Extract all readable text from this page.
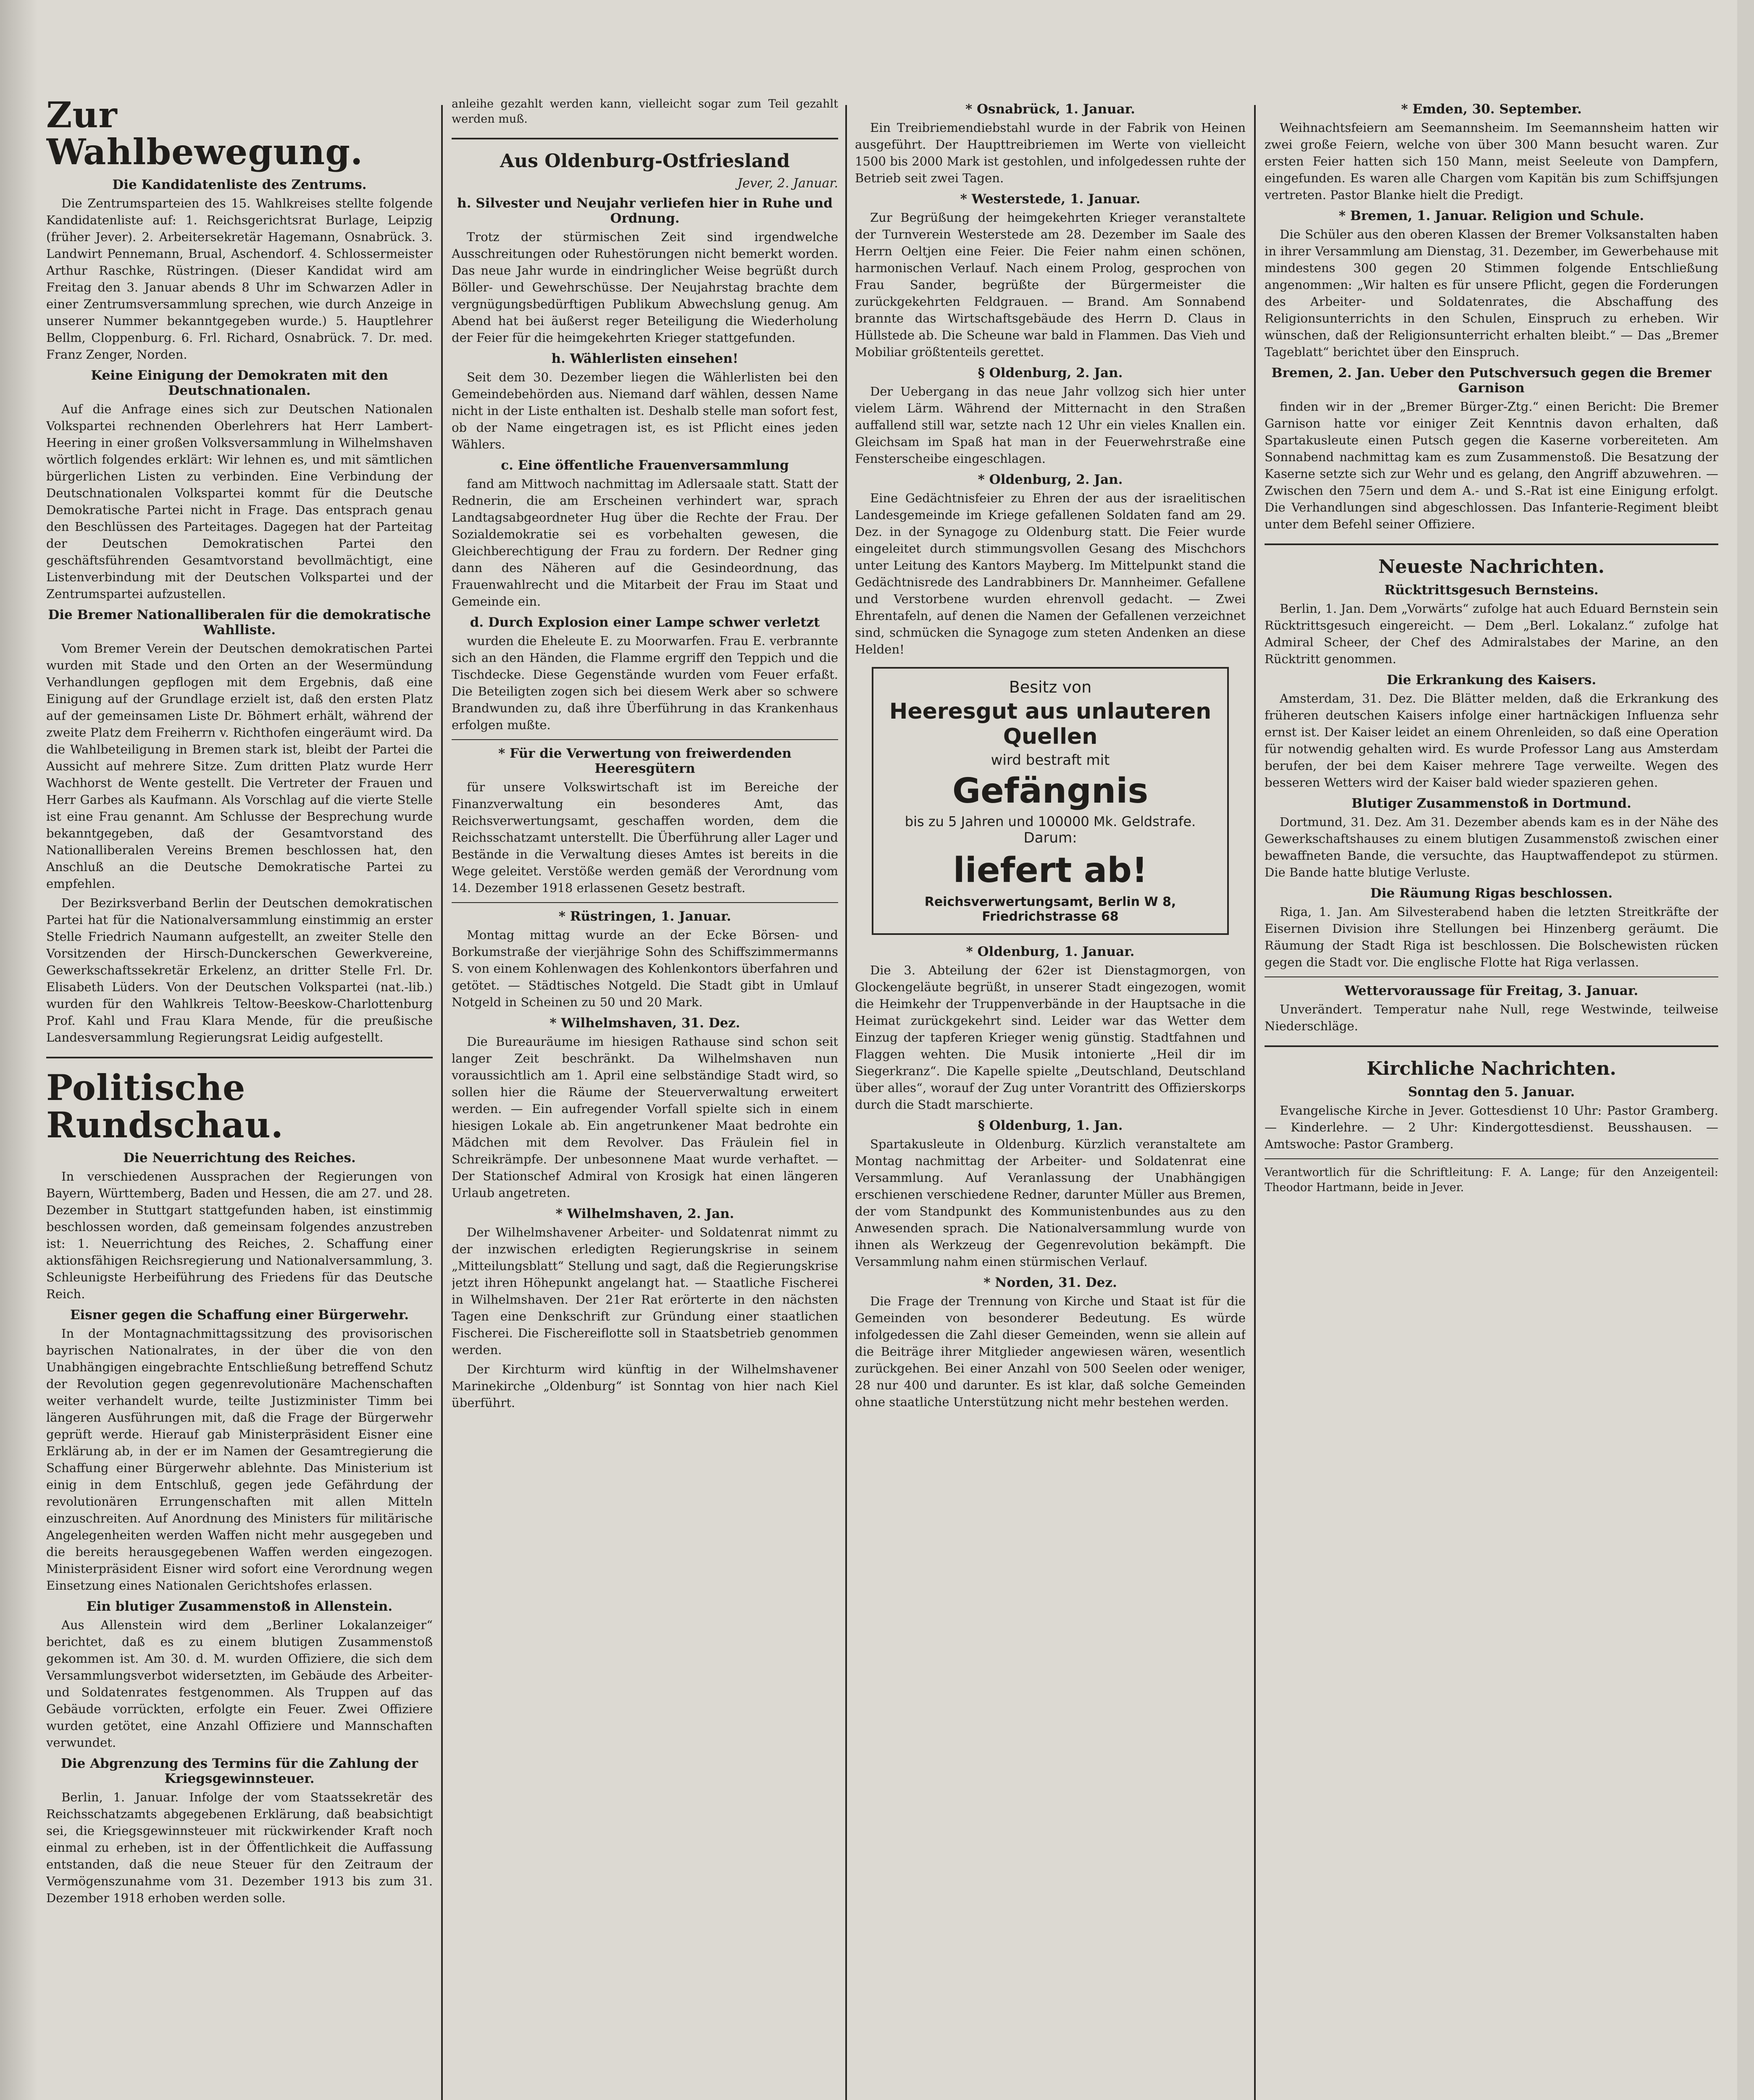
Zur Wahlbewegung.
Die Kandidatenliste des Zentrums.

Die Zentrumsparteien des 15. Wahlkreises stellte folgende Kandidatenliste auf: 1. Reichsgerichtsrat Burlage, Leipzig (früher Jever). 2. Arbeitersekretär Hagemann, Osnabrück. 3. Landwirt Pennemann, Brual, Aschendorf. 4. Schlossermeister Arthur Raschke, Rüstringen. (Dieser Kandidat wird am Freitag den 3. Januar abends 8 Uhr im Schwarzen Adler in einer Zentrumsversammlung sprechen, wie durch Anzeige in unserer Nummer bekanntgegeben wurde.) 5. Hauptlehrer Bellm, Cloppenburg. 6. Frl. Richard, Osnabrück. 7. Dr. med. Franz Zenger, Norden.

Keine Einigung der Demokraten mit den Deutschnationalen.

Auf die Anfrage eines sich zur Deutschen Nationalen Volkspartei rechnenden Oberlehrers hat Herr Lambert-Heering in einer großen Volksversammlung in Wilhelmshaven wörtlich folgendes erklärt: Wir lehnen es, und mit sämtlichen bürgerlichen Listen zu verbinden. Eine Verbindung der Deutschnationalen Volkspartei kommt für die Deutsche Demokratische Partei nicht in Frage. Das entsprach genau den Beschlüssen des Parteitages. Dagegen hat der Parteitag der Deutschen Demokratischen Partei den geschäftsführenden Gesamtvorstand bevollmächtigt, eine Listenverbindung mit der Deutschen Volkspartei und der Zentrumspartei aufzustellen.

Die Bremer Nationalliberalen für die demokratische Wahlliste.

Vom Bremer Verein der Deutschen demokratischen Partei wurden mit Stade und den Orten an der Wesermündung Verhandlungen gepflogen mit dem Ergebnis, daß eine Einigung auf der Grundlage erzielt ist, daß den ersten Platz auf der gemeinsamen Liste Dr. Böhmert erhält, während der zweite Platz dem Freiherrn v. Richthofen eingeräumt wird. Da die Wahlbeteiligung in Bremen stark ist, bleibt der Partei die Aussicht auf mehrere Sitze. Zum dritten Platz wurde Herr Wachhorst de Wente gestellt. Die Vertreter der Frauen und Herr Garbes als Kaufmann. Als Vorschlag auf die vierte Stelle ist eine Frau genannt. Am Schlusse der Besprechung wurde bekanntgegeben, daß der Gesamtvorstand des Nationalliberalen Vereins Bremen beschlossen hat, den Anschluß an die Deutsche Demokratische Partei zu empfehlen.

Der Bezirksverband Berlin der Deutschen demokratischen Partei hat für die Nationalversammlung einstimmig an erster Stelle Friedrich Naumann aufgestellt, an zweiter Stelle den Vorsitzenden der Hirsch-Dunckerschen Gewerkvereine, Gewerkschaftssekretär Erkelenz, an dritter Stelle Frl. Dr. Elisabeth Lüders. Von der Deutschen Volkspartei (nat.-lib.) wurden für den Wahlkreis Teltow-Beeskow-Charlottenburg Prof. Kahl und Frau Klara Mende, für die preußische Landesversammlung Regierungsrat Leidig aufgestellt.

Politische Rundschau.
Die Neuerrichtung des Reiches.

In verschiedenen Aussprachen der Regierungen von Bayern, Württemberg, Baden und Hessen, die am 27. und 28. Dezember in Stuttgart stattgefunden haben, ist einstimmig beschlossen worden, daß gemeinsam folgendes anzustreben ist: 1. Neuerrichtung des Reiches, 2. Schaffung einer aktionsfähigen Reichsregierung und Nationalversammlung, 3. Schleunigste Herbeiführung des Friedens für das Deutsche Reich.

Eisner gegen die Schaffung einer Bürgerwehr.

In der Montagnachmittagssitzung des provisorischen bayrischen Nationalrates, in der über die von den Unabhängigen eingebrachte Entschließung betreffend Schutz der Revolution gegen gegenrevolutionäre Machenschaften weiter verhandelt wurde, teilte Justizminister Timm bei längeren Ausführungen mit, daß die Frage der Bürgerwehr geprüft werde. Hierauf gab Ministerpräsident Eisner eine Erklärung ab, in der er im Namen der Gesamtregierung die Schaffung einer Bürgerwehr ablehnte. Das Ministerium ist einig in dem Entschluß, gegen jede Gefährdung der revolutionären Errungenschaften mit allen Mitteln einzuschreiten. Auf Anordnung des Ministers für militärische Angelegenheiten werden Waffen nicht mehr ausgegeben und die bereits herausgegebenen Waffen werden eingezogen. Ministerpräsident Eisner wird sofort eine Verordnung wegen Einsetzung eines Nationalen Gerichtshofes erlassen.

Ein blutiger Zusammenstoß in Allenstein.

Aus Allenstein wird dem „Berliner Lokalanzeiger“ berichtet, daß es zu einem blutigen Zusammenstoß gekommen ist. Am 30. d. M. wurden Offiziere, die sich dem Versammlungsverbot widersetzten, im Gebäude des Arbeiter- und Soldatenrates festgenommen. Als Truppen auf das Gebäude vorrückten, erfolgte ein Feuer. Zwei Offiziere wurden getötet, eine Anzahl Offiziere und Mannschaften verwundet.

Die Abgrenzung des Termins für die Zahlung der Kriegsgewinnsteuer.

Berlin, 1. Januar. Infolge der vom Staatssekretär des Reichsschatzamts abgegebenen Erklärung, daß beabsichtigt sei, die Kriegsgewinnsteuer mit rückwirkender Kraft noch einmal zu erheben, ist in der Öffentlichkeit die Auffassung entstanden, daß die neue Steuer für den Zeitraum der Vermögenszunahme vom 31. Dezember 1913 bis zum 31. Dezember 1918 erhoben werden solle.

anleihe gezahlt werden kann, vielleicht sogar zum Teil gezahlt werden muß.

Aus Oldenburg-Ostfriesland
Jever, 2. Januar.
h. Silvester und Neujahr verliefen hier in Ruhe und Ordnung.

Trotz der stürmischen Zeit sind irgendwelche Ausschreitungen oder Ruhestörungen nicht bemerkt worden. Das neue Jahr wurde in eindringlicher Weise begrüßt durch Böller- und Gewehrschüsse. Der Neujahrstag brachte dem vergnügungsbedürftigen Publikum Abwechslung genug. Am Abend hat bei äußerst reger Beteiligung die Wiederholung der Feier für die heimgekehrten Krieger stattgefunden.

h. Wählerlisten einsehen!

Seit dem 30. Dezember liegen die Wählerlisten bei den Gemeindebehörden aus. Niemand darf wählen, dessen Name nicht in der Liste enthalten ist. Deshalb stelle man sofort fest, ob der Name eingetragen ist, es ist Pflicht eines jeden Wählers.

c. Eine öffentliche Frauenversammlung

fand am Mittwoch nachmittag im Adlersaale statt. Statt der Rednerin, die am Erscheinen verhindert war, sprach Landtagsabgeordneter Hug über die Rechte der Frau. Der Sozialdemokratie sei es vorbehalten gewesen, die Gleichberechtigung der Frau zu fordern. Der Redner ging dann des Näheren auf die Gesindeordnung, das Frauenwahlrecht und die Mitarbeit der Frau im Staat und Gemeinde ein.

d. Durch Explosion einer Lampe schwer verletzt

wurden die Eheleute E. zu Moorwarfen. Frau E. verbrannte sich an den Händen, die Flamme ergriff den Teppich und die Tischdecke. Diese Gegenstände wurden vom Feuer erfaßt. Die Beteiligten zogen sich bei diesem Werk aber so schwere Brandwunden zu, daß ihre Überführung in das Krankenhaus erfolgen mußte.

* Für die Verwertung von freiwerdenden Heeresgütern

für unsere Volkswirtschaft ist im Bereiche der Finanzverwaltung ein besonderes Amt, das Reichsverwertungsamt, geschaffen worden, dem die Reichsschatzamt unterstellt. Die Überführung aller Lager und Bestände in die Verwaltung dieses Amtes ist bereits in die Wege geleitet. Verstöße werden gemäß der Verordnung vom 14. Dezember 1918 erlassenen Gesetz bestraft.

* Rüstringen, 1. Januar.

Montag mittag wurde an der Ecke Börsen- und Borkumstraße der vierjährige Sohn des Schiffszimmermanns S. von einem Kohlenwagen des Kohlenkontors überfahren und getötet. — Städtisches Notgeld. Die Stadt gibt in Umlauf Notgeld in Scheinen zu 50 und 20 Mark.

* Wilhelmshaven, 31. Dez.

Die Bureauräume im hiesigen Rathause sind schon seit langer Zeit beschränkt. Da Wilhelmshaven nun voraussichtlich am 1. April eine selbständige Stadt wird, so sollen hier die Räume der Steuerverwaltung erweitert werden. — Ein aufregender Vorfall spielte sich in einem hiesigen Lokale ab. Ein angetrunkener Maat bedrohte ein Mädchen mit dem Revolver. Das Fräulein fiel in Schreikrämpfe. Der unbesonnene Maat wurde verhaftet. — Der Stationschef Admiral von Krosigk hat einen längeren Urlaub angetreten.

* Wilhelmshaven, 2. Jan.

Der Wilhelmshavener Arbeiter- und Soldatenrat nimmt zu der inzwischen erledigten Regierungskrise in seinem „Mitteilungsblatt“ Stellung und sagt, daß die Regierungskrise jetzt ihren Höhepunkt angelangt hat. — Staatliche Fischerei in Wilhelmshaven. Der 21er Rat erörterte in den nächsten Tagen eine Denkschrift zur Gründung einer staatlichen Fischerei. Die Fischereiflotte soll in Staatsbetrieb genommen werden.

Der Kirchturm wird künftig in der Wilhelmshavener Marinekirche „Oldenburg“ ist Sonntag von hier nach Kiel überführt.

* Osnabrück, 1. Januar.

Ein Treibriemendiebstahl wurde in der Fabrik von Heinen ausgeführt. Der Haupttreibriemen im Werte von vielleicht 1500 bis 2000 Mark ist gestohlen, und infolgedessen ruhte der Betrieb seit zwei Tagen.

* Westerstede, 1. Januar.

Zur Begrüßung der heimgekehrten Krieger veranstaltete der Turnverein Westerstede am 28. Dezember im Saale des Herrn Oeltjen eine Feier. Die Feier nahm einen schönen, harmonischen Verlauf. Nach einem Prolog, gesprochen von Frau Sander, begrüßte der Bürgermeister die zurückgekehrten Feldgrauen. — Brand. Am Sonnabend brannte das Wirtschaftsgebäude des Herrn D. Claus in Hüllstede ab. Die Scheune war bald in Flammen. Das Vieh und Mobiliar größtenteils gerettet.

§ Oldenburg, 2. Jan.

Der Uebergang in das neue Jahr vollzog sich hier unter vielem Lärm. Während der Mitternacht in den Straßen auffallend still war, setzte nach 12 Uhr ein vieles Knallen ein. Gleichsam im Spaß hat man in der Feuerwehrstraße eine Fensterscheibe eingeschlagen.

* Oldenburg, 2. Jan.

Eine Gedächtnisfeier zu Ehren der aus der israelitischen Landesgemeinde im Kriege gefallenen Soldaten fand am 29. Dez. in der Synagoge zu Oldenburg statt. Die Feier wurde eingeleitet durch stimmungsvollen Gesang des Mischchors unter Leitung des Kantors Mayberg. Im Mittelpunkt stand die Gedächtnisrede des Landrabbiners Dr. Mannheimer. Gefallene und Verstorbene wurden ehrenvoll gedacht. — Zwei Ehrentafeln, auf denen die Namen der Gefallenen verzeichnet sind, schmücken die Synagoge zum steten Andenken an diese Helden!

Besitz von
Heeresgut aus unlauteren Quellen
wird bestraft mit
Gefängnis
bis zu 5 Jahren und 100000 Mk. Geldstrafe.
Darum:
liefert ab!
Reichsverwertungsamt, Berlin W 8, Friedrichstrasse 68
* Oldenburg, 1. Januar.

Die 3. Abteilung der 62er ist Dienstagmorgen, von Glockengeläute begrüßt, in unserer Stadt eingezogen, womit die Heimkehr der Truppenverbände in der Hauptsache in die Heimat zurückgekehrt sind. Leider war das Wetter dem Einzug der tapferen Krieger wenig günstig. Stadtfahnen und Flaggen wehten. Die Musik intonierte „Heil dir im Siegerkranz“. Die Kapelle spielte „Deutschland, Deutschland über alles“, worauf der Zug unter Vorantritt des Offizierskorps durch die Stadt marschierte.

§ Oldenburg, 1. Jan.

Spartakusleute in Oldenburg. Kürzlich veranstaltete am Montag nachmittag der Arbeiter- und Soldatenrat eine Versammlung. Auf Veranlassung der Unabhängigen erschienen verschiedene Redner, darunter Müller aus Bremen, der vom Standpunkt des Kommunistenbundes aus zu den Anwesenden sprach. Die Nationalversammlung wurde von ihnen als Werkzeug der Gegenrevolution bekämpft. Die Versammlung nahm einen stürmischen Verlauf.

* Norden, 31. Dez.

Die Frage der Trennung von Kirche und Staat ist für die Gemeinden von besonderer Bedeutung. Es würde infolgedessen die Zahl dieser Gemeinden, wenn sie allein auf die Beiträge ihrer Mitglieder angewiesen wären, wesentlich zurückgehen. Bei einer Anzahl von 500 Seelen oder weniger, 28 nur 400 und darunter. Es ist klar, daß solche Gemeinden ohne staatliche Unterstützung nicht mehr bestehen werden.

* Emden, 30. September.

Weihnachtsfeiern am Seemannsheim. Im Seemannsheim hatten wir zwei große Feiern, welche von über 300 Mann besucht waren. Zur ersten Feier hatten sich 150 Mann, meist Seeleute von Dampfern, eingefunden. Es waren alle Chargen vom Kapitän bis zum Schiffsjungen vertreten. Pastor Blanke hielt die Predigt.

* Bremen, 1. Januar. Religion und Schule.

Die Schüler aus den oberen Klassen der Bremer Volksanstalten haben in ihrer Versammlung am Dienstag, 31. Dezember, im Gewerbehause mit mindestens 300 gegen 20 Stimmen folgende Entschließung angenommen: „Wir halten es für unsere Pflicht, gegen die Forderungen des Arbeiter- und Soldatenrates, die Abschaffung des Religionsunterrichts in den Schulen, Einspruch zu erheben. Wir wünschen, daß der Religionsunterricht erhalten bleibt.“ — Das „Bremer Tageblatt“ berichtet über den Einspruch.

Bremen, 2. Jan. Ueber den Putschversuch gegen die Bremer Garnison

finden wir in der „Bremer Bürger-Ztg.“ einen Bericht: Die Bremer Garnison hatte vor einiger Zeit Kenntnis davon erhalten, daß Spartakusleute einen Putsch gegen die Kaserne vorbereiteten. Am Sonnabend nachmittag kam es zum Zusammenstoß. Die Besatzung der Kaserne setzte sich zur Wehr und es gelang, den Angriff abzuwehren. — Zwischen den 75ern und dem A.- und S.-Rat ist eine Einigung erfolgt. Die Verhandlungen sind abgeschlossen. Das Infanterie-Regiment bleibt unter dem Befehl seiner Offiziere.

Neueste Nachrichten.
Rücktrittsgesuch Bernsteins.

Berlin, 1. Jan. Dem „Vorwärts“ zufolge hat auch Eduard Bernstein sein Rücktrittsgesuch eingereicht. — Dem „Berl. Lokalanz.“ zufolge hat Admiral Scheer, der Chef des Admiralstabes der Marine, an den Rücktritt genommen.

Die Erkrankung des Kaisers.

Amsterdam, 31. Dez. Die Blätter melden, daß die Erkrankung des früheren deutschen Kaisers infolge einer hartnäckigen Influenza sehr ernst ist. Der Kaiser leidet an einem Ohrenleiden, so daß eine Operation für notwendig gehalten wird. Es wurde Professor Lang aus Amsterdam berufen, der bei dem Kaiser mehrere Tage verweilte. Wegen des besseren Wetters wird der Kaiser bald wieder spazieren gehen.

Blutiger Zusammenstoß in Dortmund.

Dortmund, 31. Dez. Am 31. Dezember abends kam es in der Nähe des Gewerkschaftshauses zu einem blutigen Zusammenstoß zwischen einer bewaffneten Bande, die versuchte, das Hauptwaffendepot zu stürmen. Die Bande hatte blutige Verluste.

Die Räumung Rigas beschlossen.

Riga, 1. Jan. Am Silvesterabend haben die letzten Streitkräfte der Eisernen Division ihre Stellungen bei Hinzenberg geräumt. Die Räumung der Stadt Riga ist beschlossen. Die Bolschewisten rücken gegen die Stadt vor. Die englische Flotte hat Riga verlassen.

Wettervoraussage für Freitag, 3. Januar.

Unverändert. Temperatur nahe Null, rege Westwinde, teilweise Niederschläge.

Kirchliche Nachrichten.
Sonntag den 5. Januar.

Evangelische Kirche in Jever. Gottesdienst 10 Uhr: Pastor Gramberg. — Kinderlehre. — 2 Uhr: Kindergottesdienst. Beusshausen. — Amtswoche: Pastor Gramberg.

Verantwortlich für die Schriftleitung: F. A. Lange; für den Anzeigenteil: Theodor Hartmann, beide in Jever.
